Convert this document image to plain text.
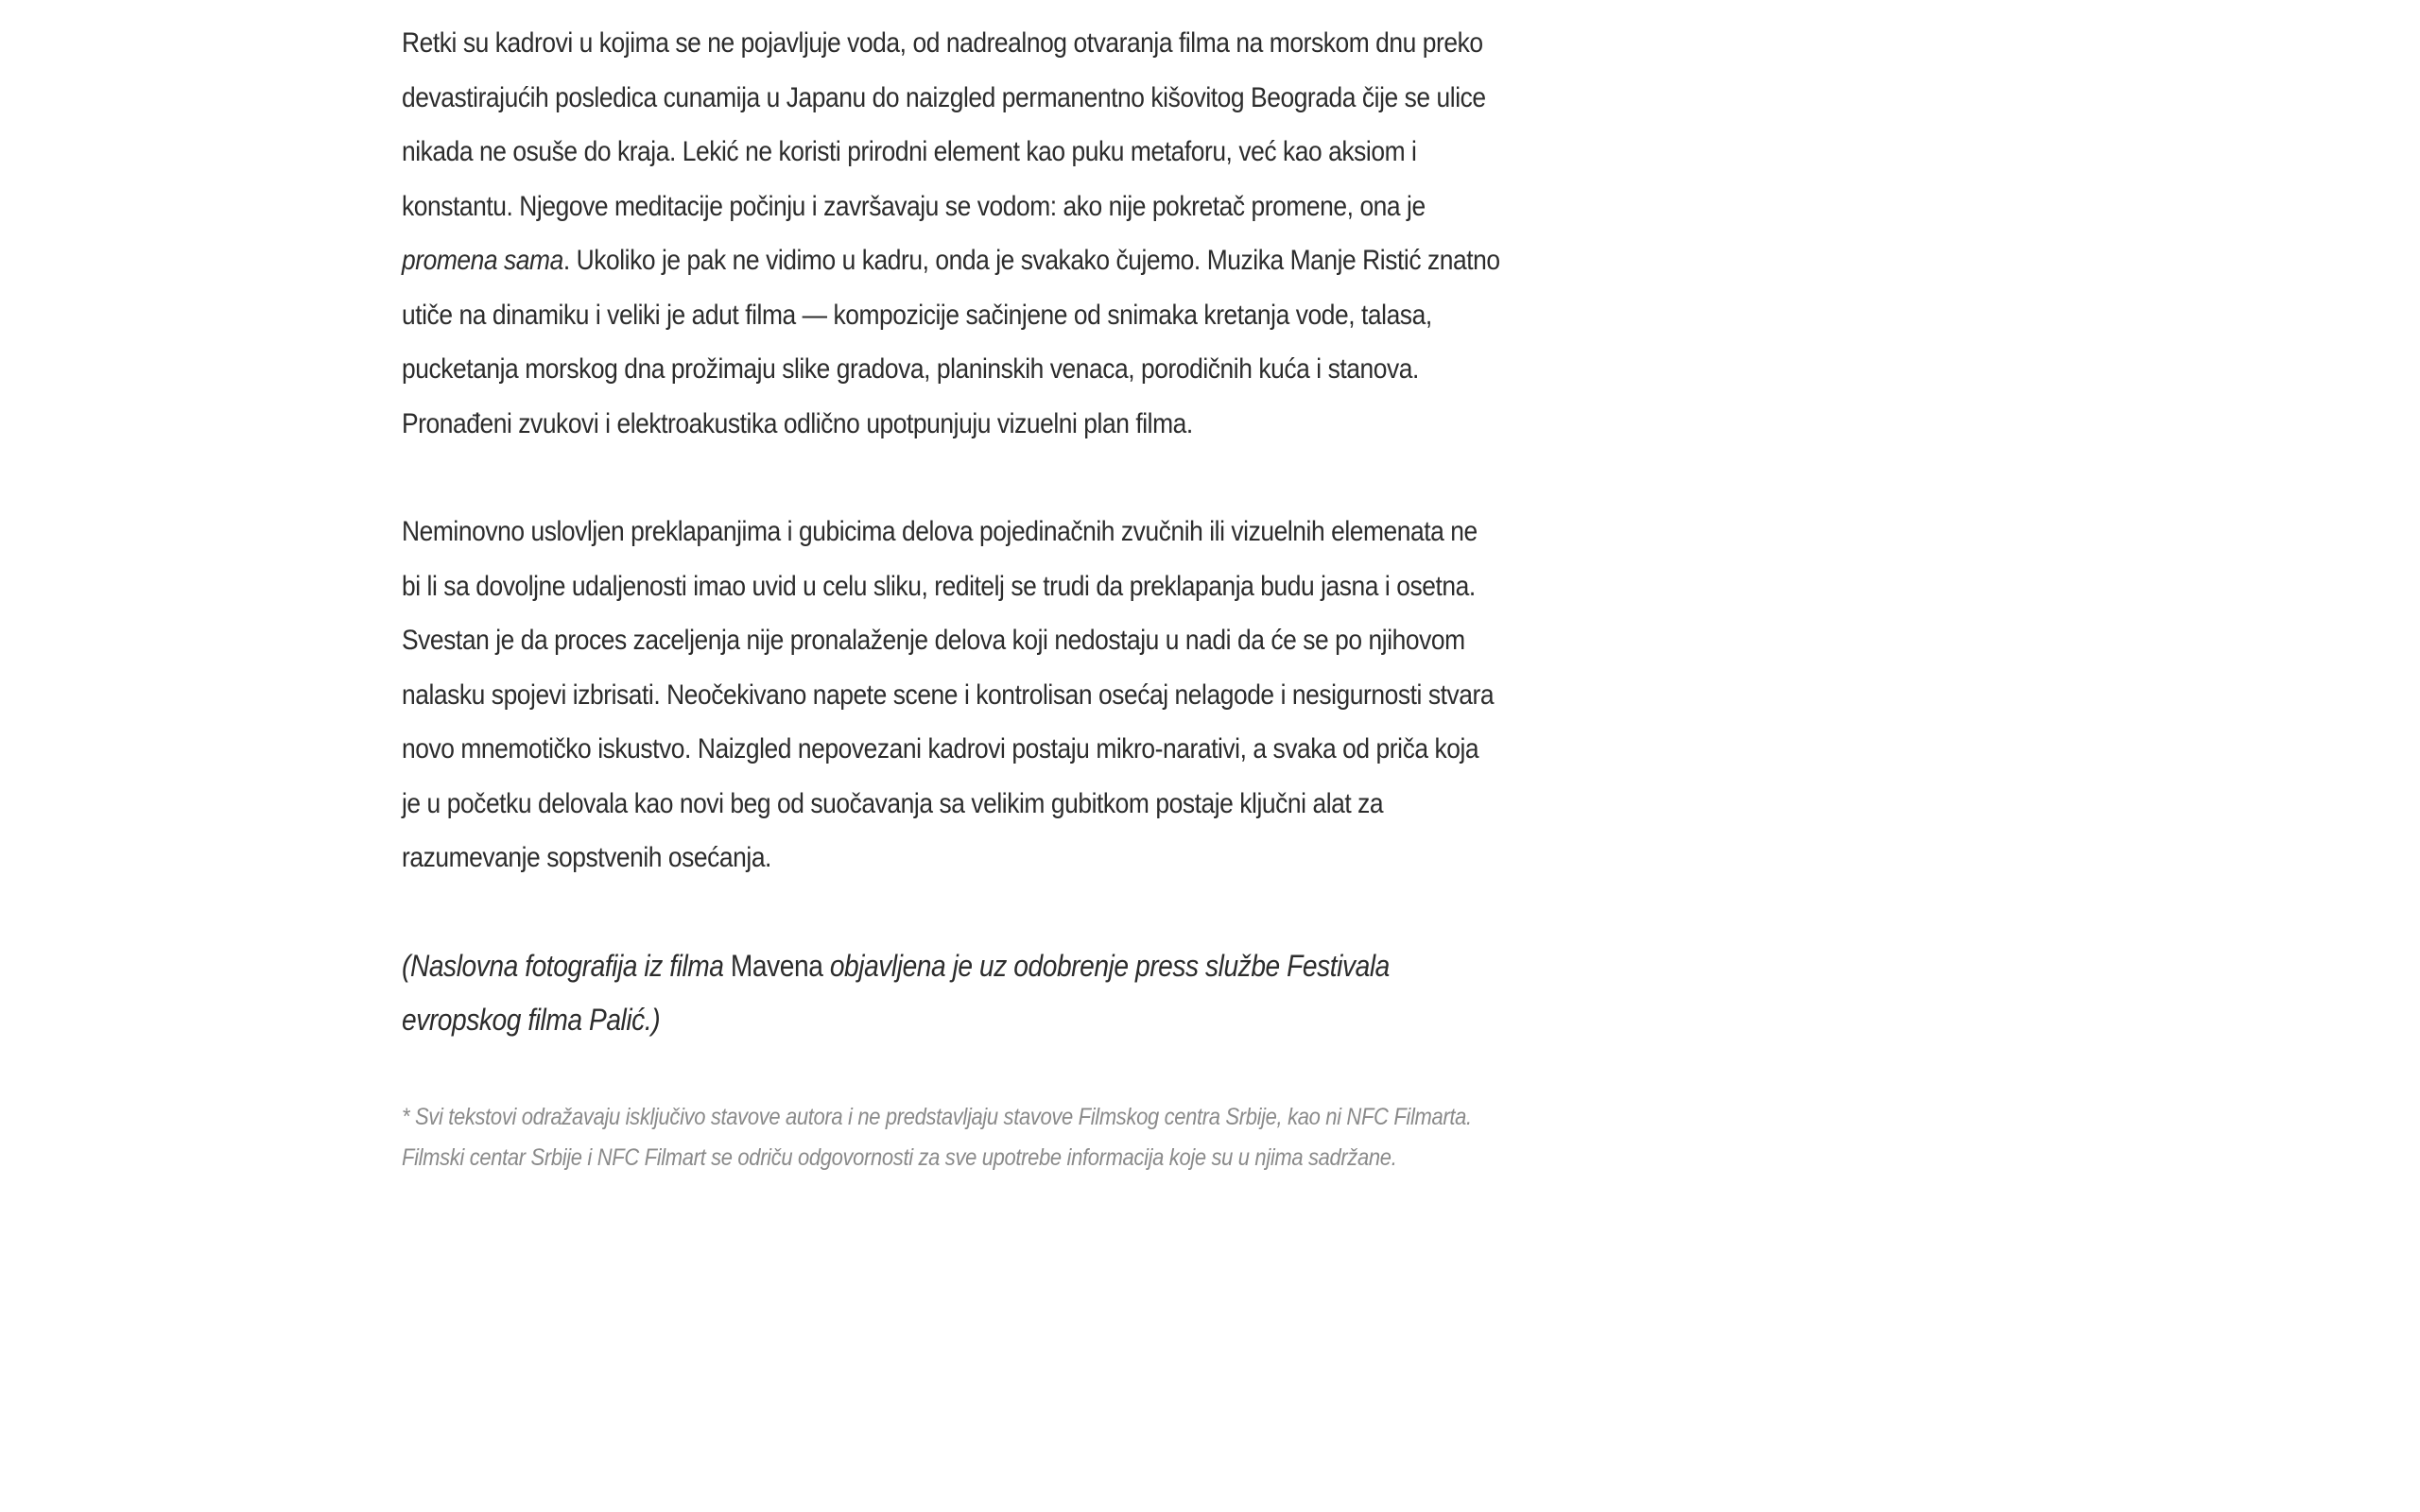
Retki su kadrovi u kojima se ne pojavljuje voda, od nadrealnog otvaranja filma na morskom dnu preko devastirajućih posledica cunamija u Japanu do naizgled permanentno kišovitog Beograda čije se ulice nikada ne osuše do kraja. Lekić ne koristi prirodni element kao puku metaforu, već kao aksiom i konstantu. Njegove meditacije počinju i završavaju se vodom: ako nije pokretač promene, ona je promena sama. Ukoliko je pak ne vidimo u kadru, onda je svakako čujemo. Muzika Manje Ristić znatno utiče na dinamiku i veliki je adut filma — kompozicije sačinjene od snimaka kretanja vode, talasa, pucketanja morskog dna prožimaju slike gradova, planinskih venaca, porodičnih kuća i stanova. Pronađeni zvukovi i elektroakustika odlično upotpunjuju vizuelni plan filma.

Neminovno uslovljen preklapanjima i gubicima delova pojedinačnih zvučnih ili vizuelnih elemenata ne bi li sa dovoljne udaljenosti imao uvid u celu sliku, reditelj se trudi da preklapanja budu jasna i osetna. Svestan je da proces zaceljenja nije pronalaženje delova koji nedostaju u nadi da će se po njihovom nalasku spojevi izbrisati. Neočekivano napete scene i kontrolisan osećaj nelagode i nesigurnosti stvara novo mnemotičko iskustvo. Naizgled nepovezani kadrovi postaju mikro-narativi, a svaka od priča koja je u početku delovala kao novi beg od suočavanja sa velikim gubitkom postaje ključni alat za razumevanje sopstvenih osećanja.

(Naslovna fotografija iz filma Mavena objavljena je uz odobrenje press službe Festivala evropskog filma Palić.)

* Svi tekstovi odražavaju isključivo stavove autora i ne predstavljaju stavove Filmskog centra Srbije, kao ni NFC Filmarta. Filmski centar Srbije i NFC Filmart se odriču odgovornosti za sve upotrebe informacija koje su u njima sadržane.
